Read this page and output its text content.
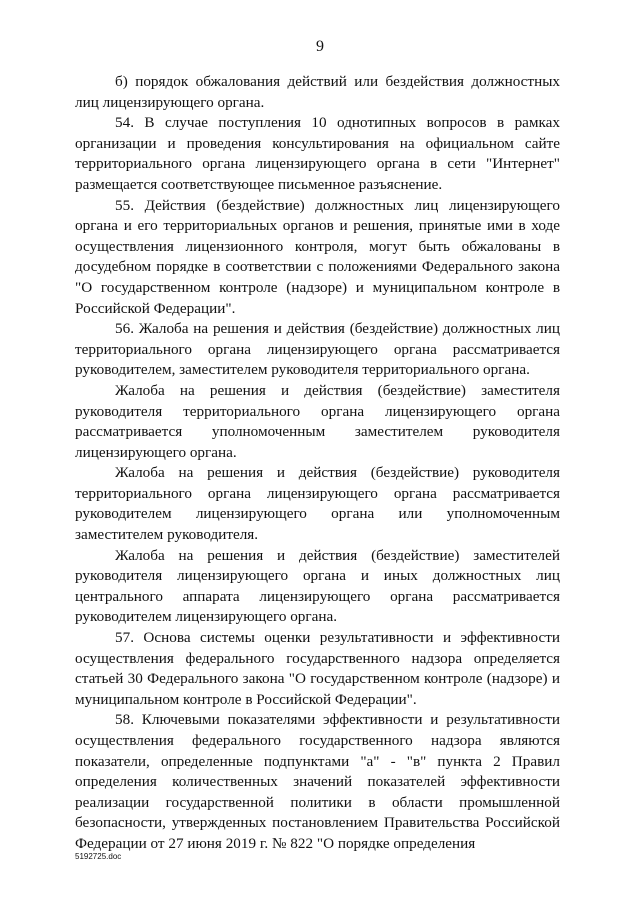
9

б) порядок обжалования действий или бездействия должностных лиц лицензирующего органа.

54. В случае поступления 10 однотипных вопросов в рамках организации и проведения консультирования на официальном сайте территориального органа лицензирующего органа в сети "Интернет" размещается соответствующее письменное разъяснение.

55. Действия (бездействие) должностных лиц лицензирующего органа и его территориальных органов и решения, принятые ими в ходе осуществления лицензионного контроля, могут быть обжалованы в досудебном порядке в соответствии с положениями Федерального закона "О государственном контроле (надзоре) и муниципальном контроле в Российской Федерации".

56. Жалоба на решения и действия (бездействие) должностных лиц территориального органа лицензирующего органа рассматривается руководителем, заместителем руководителя территориального органа.

Жалоба на решения и действия (бездействие) заместителя руководителя территориального органа лицензирующего органа рассматривается уполномоченным заместителем руководителя лицензирующего органа.

Жалоба на решения и действия (бездействие) руководителя территориального органа лицензирующего органа рассматривается руководителем лицензирующего органа или уполномоченным заместителем руководителя.

Жалоба на решения и действия (бездействие) заместителей руководителя лицензирующего органа и иных должностных лиц центрального аппарата лицензирующего органа рассматривается руководителем лицензирующего органа.

57. Основа системы оценки результативности и эффективности осуществления федерального государственного надзора определяется статьей 30 Федерального закона "О государственном контроле (надзоре) и муниципальном контроле в Российской Федерации".

58. Ключевыми показателями эффективности и результативности осуществления федерального государственного надзора являются показатели, определенные подпунктами "а" - "в" пункта 2 Правил определения количественных значений показателей эффективности реализации государственной политики в области промышленной безопасности, утвержденных постановлением Правительства Российской Федерации от 27 июня 2019 г. № 822 "О порядке определения

5192725.doc
